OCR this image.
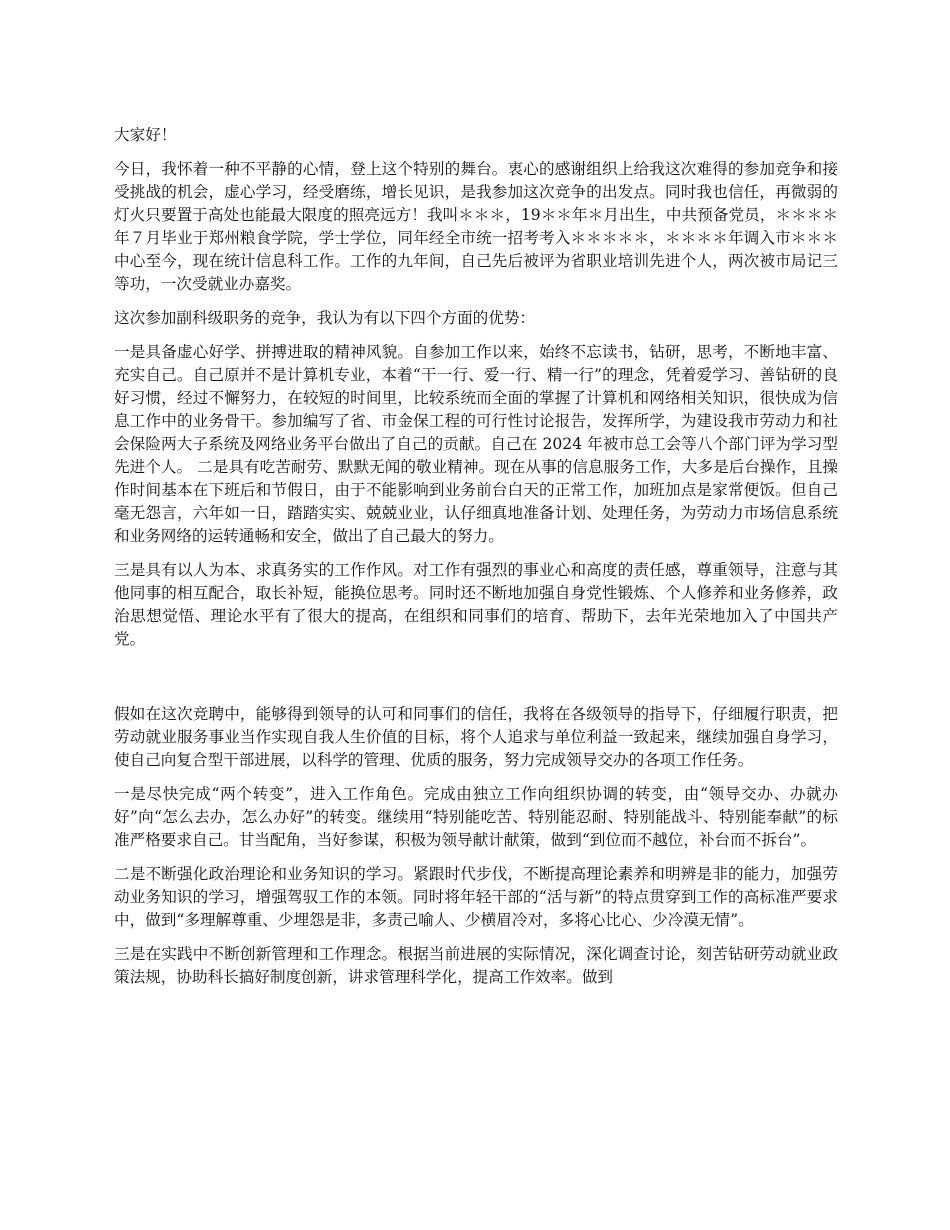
大家好！

今日，我怀着一种不平静的心情，登上这个特别的舞台。衷心的感谢组织上给我这次难得的参加竞争和接受挑战的机会，虚心学习，经受磨练，增长见识，是我参加这次竞争的出发点。同时我也信任，再微弱的灯火只要置于高处也能最大限度的照亮远方！我叫＊＊＊，19＊＊年＊月出生，中共预备党员，＊＊＊＊年７月毕业于郑州粮食学院，学士学位，同年经全市统一招考考入＊＊＊＊＊，＊＊＊＊年调入市＊＊＊中心至今，现在统计信息科工作。工作的九年间，自己先后被评为省职业培训先进个人，两次被市局记三等功，一次受就业办嘉奖。

这次参加副科级职务的竞争，我认为有以下四个方面的优势：

一是具备虚心好学、拼搏进取的精神风貌。自参加工作以来，始终不忘读书，钻研，思考，不断地丰富、充实自己。自己原并不是计算机专业，本着“干一行、爱一行、精一行”的理念，凭着爱学习、善钻研的良好习惯，经过不懈努力，在较短的时间里，比较系统而全面的掌握了计算机和网络相关知识，很快成为信息工作中的业务骨干。参加编写了省、市金保工程的可行性讨论报告，发挥所学，为建设我市劳动力和社会保险两大子系统及网络业务平台做出了自己的贡献。自己在 2024 年被市总工会等八个部门评为学习型先进个人。 二是具有吃苦耐劳、默默无闻的敬业精神。现在从事的信息服务工作，大多是后台操作，且操作时间基本在下班后和节假日，由于不能影响到业务前台白天的正常工作，加班加点是家常便饭。但自己毫无怨言，六年如一日，踏踏实实、兢兢业业，认仔细真地准备计划、处理任务，为劳动力市场信息系统和业务网络的运转通畅和安全，做出了自己最大的努力。

三是具有以人为本、求真务实的工作作风。对工作有强烈的事业心和高度的责任感，尊重领导，注意与其他同事的相互配合，取长补短，能换位思考。同时还不断地加强自身党性锻炼、个人修养和业务修养，政治思想觉悟、理论水平有了很大的提高，在组织和同事们的培育、帮助下，去年光荣地加入了中国共产党。

假如在这次竞聘中，能够得到领导的认可和同事们的信任，我将在各级领导的指导下，仔细履行职责，把劳动就业服务事业当作实现自我人生价值的目标，将个人追求与单位利益一致起来，继续加强自身学习，使自己向复合型干部进展，以科学的管理、优质的服务，努力完成领导交办的各项工作任务。

一是尽快完成“两个转变”，进入工作角色。完成由独立工作向组织协调的转变，由“领导交办、办就办好”向“怎么去办，怎么办好”的转变。继续用“特别能吃苦、特别能忍耐、特别能战斗、特别能奉献”的标准严格要求自己。甘当配角，当好参谋，积极为领导献计献策，做到“到位而不越位，补台而不拆台”。

二是不断强化政治理论和业务知识的学习。紧跟时代步伐，不断提高理论素养和明辨是非的能力，加强劳动业务知识的学习，增强驾驭工作的本领。同时将年轻干部的“活与新”的特点贯穿到工作的高标准严要求中，做到“多理解尊重、少埋怨是非，多责己喻人、少横眉冷对，多将心比心、少冷漠无情”。

三是在实践中不断创新管理和工作理念。根据当前进展的实际情况，深化调查讨论，刻苦钻研劳动就业政策法规，协助科长搞好制度创新，讲求管理科学化，提高工作效率。做到
